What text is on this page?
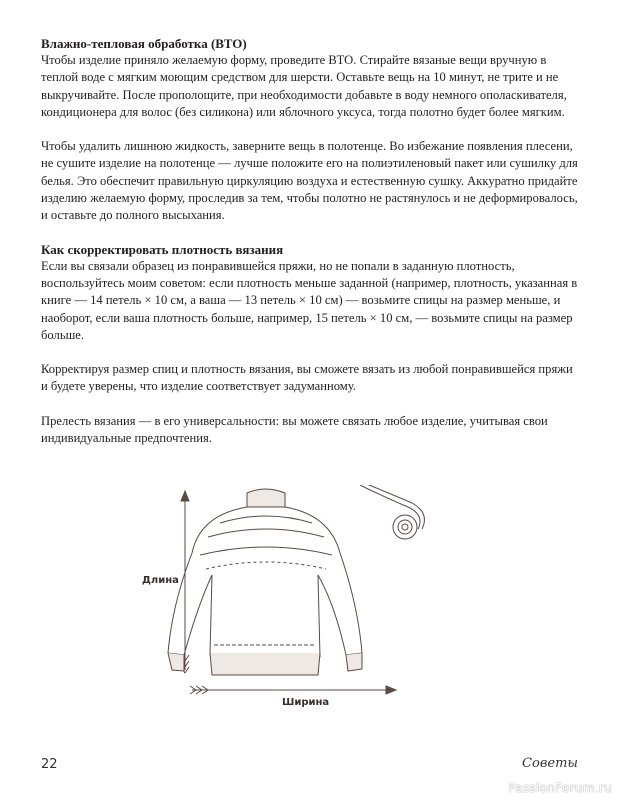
Влажно-тепловая обработка (ВТО)

Чтобы изделие приняло желаемую форму, проведите ВТО. Стирайте вязаные вещи вручную в теплой воде с мягким моющим средством для шерсти. Оставьте вещь на 10 минут, не трите и не выкручивайте. После прополощите, при необходимости добавьте в воду немного ополаскивателя, кондиционера для волос (без силикона) или яблочного уксуса, тогда полотно будет более мягким.

Чтобы удалить лишнюю жидкость, заверните вещь в полотенце. Во избежание появления плесени, не сушите изделие на полотенце — лучше положите его на полиэтиленовый пакет или сушилку для белья. Это обеспечит правильную циркуляцию воздуха и естественную сушку. Аккуратно придайте изделию желаемую форму, проследив за тем, чтобы полотно не растянулось и не деформировалось, и оставьте до полного высыхания.

Как скорректировать плотность вязания

Если вы связали образец из понравившейся пряжи, но не попали в заданную плотность, воспользуйтесь моим советом: если плотность меньше заданной (например, плотность, указанная в книге — 14 петель × 10 см, а ваша — 13 петель × 10 см) — возьмите спицы на размер меньше, и наоборот, если ваша плотность больше, например, 15 петель × 10 см, — возьмите спицы на размер больше.

Корректируя размер спиц и плотность вязания, вы сможете вязать из любой понравившейся пряжи и будете уверены, что изделие соответствует задуманному.

Прелесть вязания — в его универсальности: вы можете связать любое изделие, учитывая свои индивидуальные предпочтения.

Длина
Ширина
22	Советы
PassionForum.ru
